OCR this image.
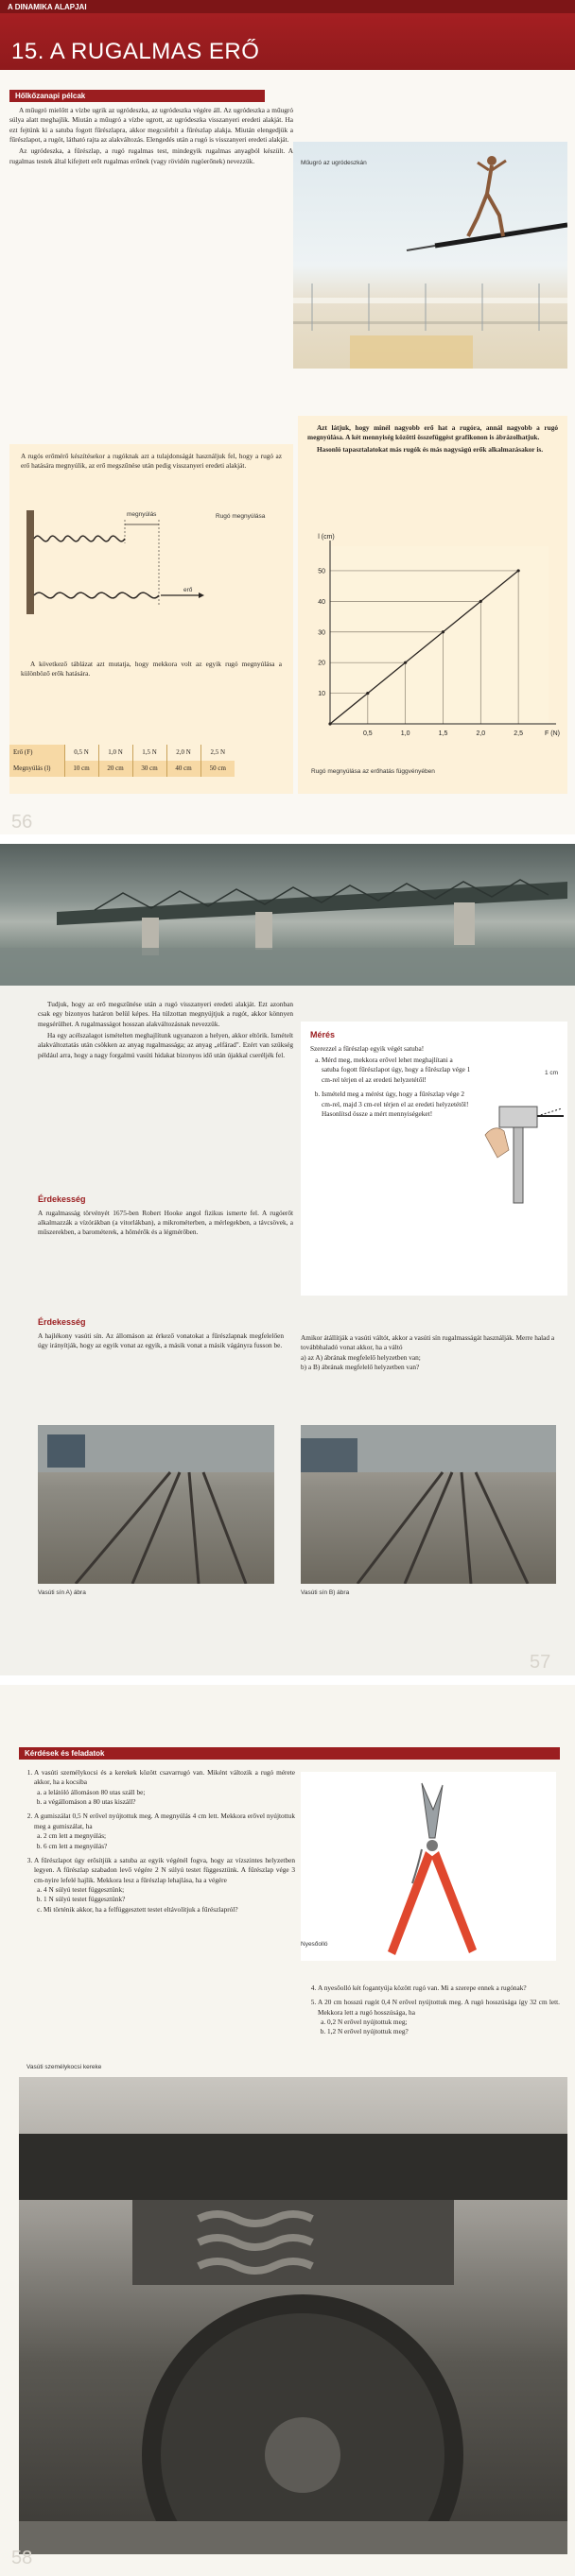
A DINAMIKA ALAPJAI
15. A RUGALMAS ERŐ
Hőlkőzanapi pélcak

A műugró mielőtt a vízbe ugrik az ugródeszka, az ugródeszka végére áll. Az ugródeszka a műugró súlya alatt meghajlik. Miután a műugró a vízbe ugrott, az ugródeszka visszanyeri eredeti alakját. Ha ezt fejtünk ki a satuba fogott fűrészlapra, akkor megcsörbít a fűrészlap alakja. Miután elengedjük a fűrészlapot, a rugót, látható rajta az alakváltozás. Elengedés után a rugó is visszanyeri eredeti alakját.

Az ugródeszka, a fűrészlap, a rugó rugalmas test, mindegyik rugalmas anyagból készült. A rugalmas testek által kifejtett erőt rugalmas erőnek (vagy rövidén rugóerőnek) nevezzük.	Műugró az ugródeszkán
A rugós erőmérő készítésekor a rugóknak azt a tulajdonságát használjuk fel, hogy a rugó az erő hatására megnyúlik, az erő megszűnése után pedig visszanyeri eredeti alakját.
megnyúlás	Rugó megnyúlása
erő
A következő táblázat azt mutatja, hogy mekkora volt az egyik rugó megnyúlása a különböző erők hatására.
Erő (F)	0,5 N	1,0 N	1,5 N	2,0 N	2,5 N
Megnyúlás (l)	10 cm	20 cm	30 cm	40 cm	50 cm

Azt látjuk, hogy minél nagyobb erő hat a rugóra, annál nagyobb a rugó megnyúlása. A két mennyiség közötti összefüggést grafikonon is ábrázolhatjuk.

Hasonló tapasztalatokat más rugók és más nagyságú erők alkalmazásakor is.

0,5	1,0	1,5	2,0	2,5
10
20
30
40
50
F (N)
l (cm)
Rugó megnyúlása az erőhatás függvényében
56

Tudjuk, hogy az erő megszűnése után a rugó visszanyeri eredeti alakját. Ezt azonban csak egy bizonyos határon belül képes. Ha túlzottan megnyújtjuk a rugót, akkor könnyen megsérülhet. A rugalmasságot hosszan alakváltozásnak nevezzük.

Ha egy acélszalagot ismételten meghajlítunk ugyanazon a helyen, akkor eltörik. Ismételt alakváltoztatás után csökken az anyag rugalmassága; az anyag „elfárad". Ezért van szükség például arra, hogy a nagy forgalmú vasúti hidakat bizonyos idő után újakkal cseréljék fel.

Érdekesség
A rugalmasság törvényét 1675-ben Robert Hooke angol fizikus ismerte fel. A rugóerőt alkalmazzák a vízórákban (a vitorlákban), a mikrométerben, a mérlegekben, a távcsövek, a műszerekben, a barométerek, a hőmérők és a légmérőben.
Mérés
Szerezzel a fűrészlap egyik végét satuba!
a. Mérd meg, mekkora erővel lehet meghajlítani a satuba fogott fűrészlapot úgy, hogy a fűrészlap vége 1 cm-rel térjen el az eredeti helyzetétől!
b. Ismételd meg a mérést úgy, hogy a fűrészlap vége 2 cm-rel, majd 3 cm-rel térjen el az eredeti helyzetétől! Hasonlítsd össze a mért mennyiségeket!
1 cm
Érdekesség
A hajlékony vasúti sín. Az állomáson az érkező vonatokat a fűrészlapnak megfelelően úgy irányítják, hogy az egyik vonat az egyik, a másik vonat a másik vágányra fusson be.
Amikor átállítják a vasúti váltót, akkor a vasúti sín rugalmasságát használják. Merre halad a továbbhaladó vonat akkor, ha a váltó
a) az A) ábrának megfelelő helyzetben van;
b) a B) ábrának megfelelő helyzetben van?
Vasúti sín A) ábra	Vasúti sín B) ábra
57
Kérdések és feladatok
1. A vasúti személykocsi és a kerekek között csavarrugó van. Miként változik a rugó mérete akkor, ha a kocsiba
a. a lelátóló állomáson 80 utas száll be;
b. a végállomáson a 80 utas kiszáll?
2. A gumiszálat 0,5 N erővel nyújtottuk meg. A megnyúlás 4 cm lett. Mekkora erővel nyújtottuk meg a gumiszálat, ha
a. 2 cm lett a megnyúlás;
b. 6 cm lett a megnyúlás?
3. A fűrészlapot úgy erősítjük a satuba az egyik végénél fogva, hogy az vízszintes helyzetben legyen. A fűrészlap szabadon levő végére 2 N súlyú testet függesztünk. A fűrészlap vége 3 cm-nyire lefelé hajlik. Mekkora lesz a fűrészlap lehajlása, ha a végére
a. 4 N súlyú testet függesztünk;
b. 1 N súlyú testet függesztünk?
c. Mi történik akkor, ha a felfüggesztett testet eltávolítjuk a fűrészlapról?
Nyesőolló
4. A nyesőolló két fogantyúja között rugó van. Mi a szerepe ennek a rugónak?
5. A 20 cm hosszú rugót 0,4 N erővel nyújtottuk meg. A rugó hosszúsága így 32 cm lett. Mekkora lett a rugó hosszúsága, ha
a. 0,2 N erővel nyújtottuk meg;
b. 1,2 N erővel nyújtottuk meg?
Vasúti személykocsi kereke
58
